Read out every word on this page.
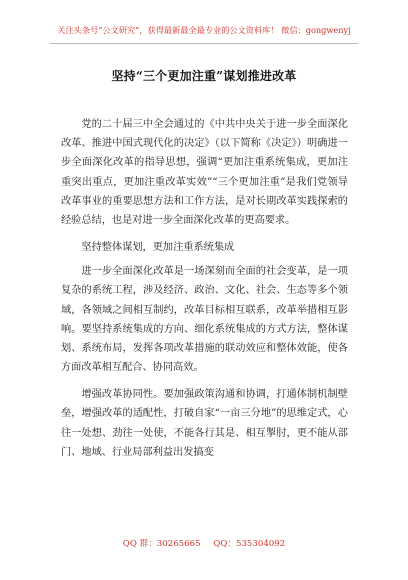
关注头条号“公文研究”，获得最新最全最专业的公文资料库！ 微信：gongwenyj
坚持“三个更加注重”谋划推进改革

党的二十届三中全会通过的《中共中央关于进一步全面深化改革、推进中国式现代化的决定》（以下简称《决定》）明确进一步全面深化改革的指导思想，强调“更加注重系统集成，更加注重突出重点，更加注重改革实效”“三个更加注重”是我们党领导改革事业的重要思想方法和工作方法，是对长期改革实践探索的经验总结，也是对进一步全面深化改革的更高要求。

坚持整体谋划，更加注重系统集成

进一步全面深化改革是一场深刻而全面的社会变革，是一项复杂的系统工程，涉及经济、政治、文化、社会、生态等多个领域，各领域之间相互制约，改革目标相互联系，改革举措相互影响。要坚持系统集成的方向、细化系统集成的方式方法，整体谋划、系统布局，发挥各项改革措施的联动效应和整体效能，使各方面改革相互配合、协同高效。

增强改革协同性。要加强政策沟通和协调，打通体制机制壁垒，增强改革的适配性，打破自家“一亩三分地”的思维定式，心往一处想、劲往一处使，不能各行其是、相互掣肘，更不能从部门、地域、行业局部利益出发搞变

QQ 群：30265665 QQ：535304092
